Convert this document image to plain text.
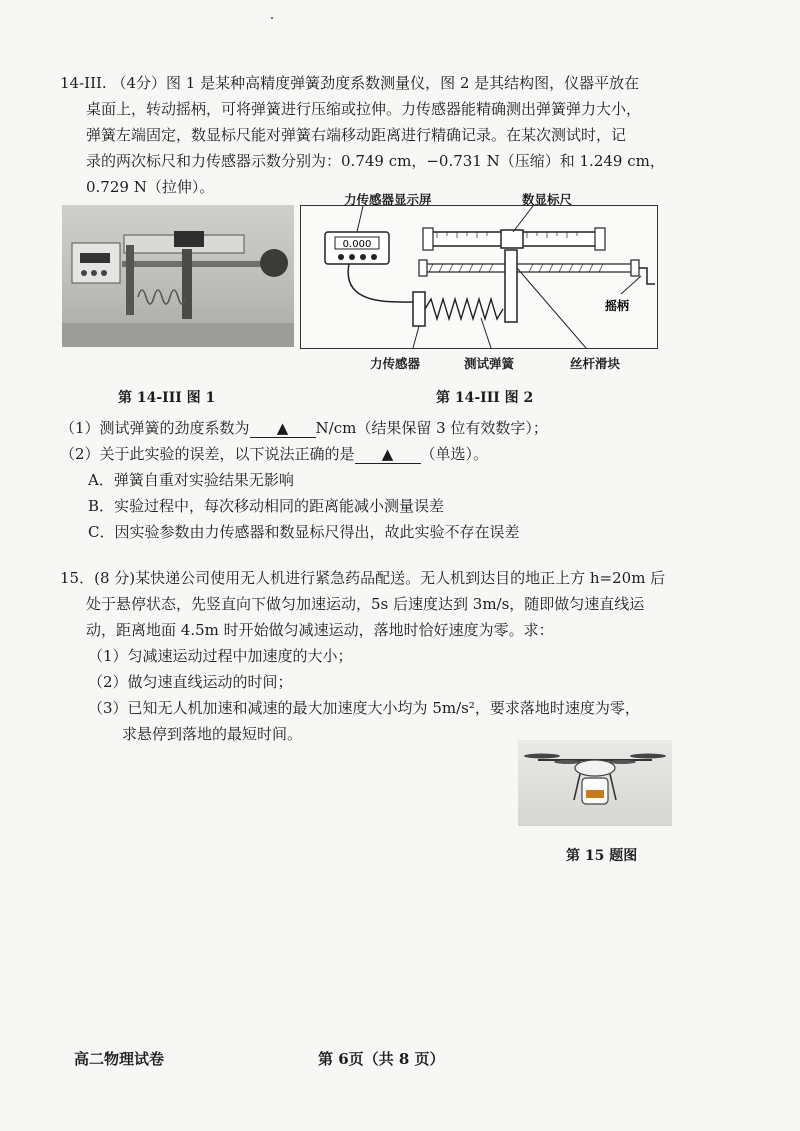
14-III. （4分）图 1 是某种高精度弹簧劲度系数测量仪，图 2 是其结构图，仪器平放在
桌面上，转动摇柄，可将弹簧进行压缩或拉伸。力传感器能精确测出弹簧弹力大小，
弹簧左端固定，数显标尺能对弹簧右端移动距离进行精确记录。在某次测试时，记
录的两次标尺和力传感器示数分别为：0.749 cm，−0.731 N（压缩）和 1.249 cm，
0.729 N（拉伸）。
0.000
摇柄
力传感器显示屏	数显标尺
力传感器	测试弹簧	丝杆滑块
第 14-III 图 1	第 14-III 图 2
（1）测试弹簧的劲度系数为 ▲ N/cm（结果保留 3 位有效数字）；
（2）关于此实验的误差，以下说法正确的是 ▲ （单选）。
A．弹簧自重对实验结果无影响
B．实验过程中，每次移动相同的距离能减小测量误差
C．因实验参数由力传感器和数显标尺得出，故此实验不存在误差
15．(8 分)某快递公司使用无人机进行紧急药品配送。无人机到达目的地正上方 h=20m 后
处于悬停状态，先竖直向下做匀加速运动，5s 后速度达到 3m/s，随即做匀速直线运
动，距离地面 4.5m 时开始做匀减速运动，落地时恰好速度为零。求：
（1）匀减速运动过程中加速度的大小；
（2）做匀速直线运动的时间；
（3）已知无人机加速和减速的最大加速度大小均为 5m/s²，要求落地时速度为零，
求悬停到落地的最短时间。
第 15 题图
高二物理试卷	第 6页（共 8 页）
